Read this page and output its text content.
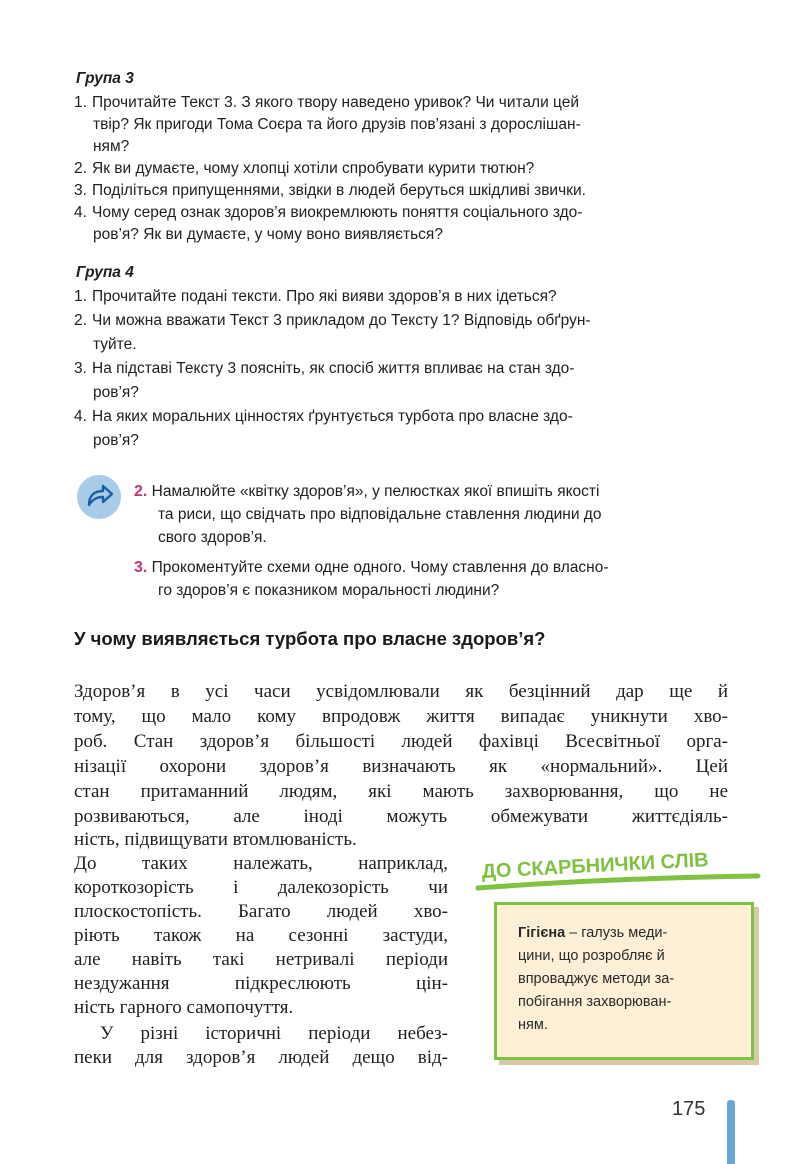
Група 3
1. Прочитайте Текст 3. З якого твору наведено уривок? Чи читали цей
твір? Як пригоди Тома Соєра та його друзів пов’язані з дорослішан-
ням?
2. Як ви думаєте, чому хлопці хотіли спробувати курити тютюн?
3. Поділіться припущеннями, звідки в людей беруться шкідливі звички.
4. Чому серед ознак здоров’я виокремлюють поняття соціального здо-
ров’я? Як ви думаєте, у чому воно виявляється?
Група 4
1. Прочитайте подані тексти. Про які вияви здоров’я в них ідеться?
2. Чи можна вважати Текст 3 прикладом до Тексту 1? Відповідь обґрун-
туйте.
3. На підставі Тексту 3 поясніть, як спосіб життя впливає на стан здо-
ров’я?
4. На яких моральних цінностях ґрунтується турбота про власне здо-
ров’я?
2. Намалюйте «квітку здоров’я», у пелюстках якої впишіть якості
та риси, що свідчать про відповідальне ставлення людини до
свого здоров’я.
3. Прокоментуйте схеми одне одного. Чому ставлення до власно-
го здоров’я є показником моральності людини?
У чому виявляється турбота про власне здоров’я?
Здоров’я в усі часи усвідомлювали як безцінний дар ще й
тому, що мало кому впродовж життя випадає уникнути хво-
роб. Стан здоров’я більшості людей фахівці Всесвітньої орга-
нізації охорони здоров’я визначають як «нормальний». Цей
стан притаманний людям, які мають захворювання, що не
розвиваються, але іноді можуть обмежувати життєдіяль-
ність, підвищувати втомлюваність.
До таких належать, наприклад,
короткозорість і далекозорість чи
плоскостопість. Багато людей хво-
ріють також на сезонні застуди,
але навіть такі нетривалі періоди
нездужання підкреслюють цін-
ність гарного самопочуття.
У різні історичні періоди небез-
пеки для здоров’я людей дещо від-
ДО СКАРБНИЧКИ СЛІВ
Гігієна – галузь меди-
цини, що розробляє й
впроваджує методи за-
побігання захворюван-
ням.
175
